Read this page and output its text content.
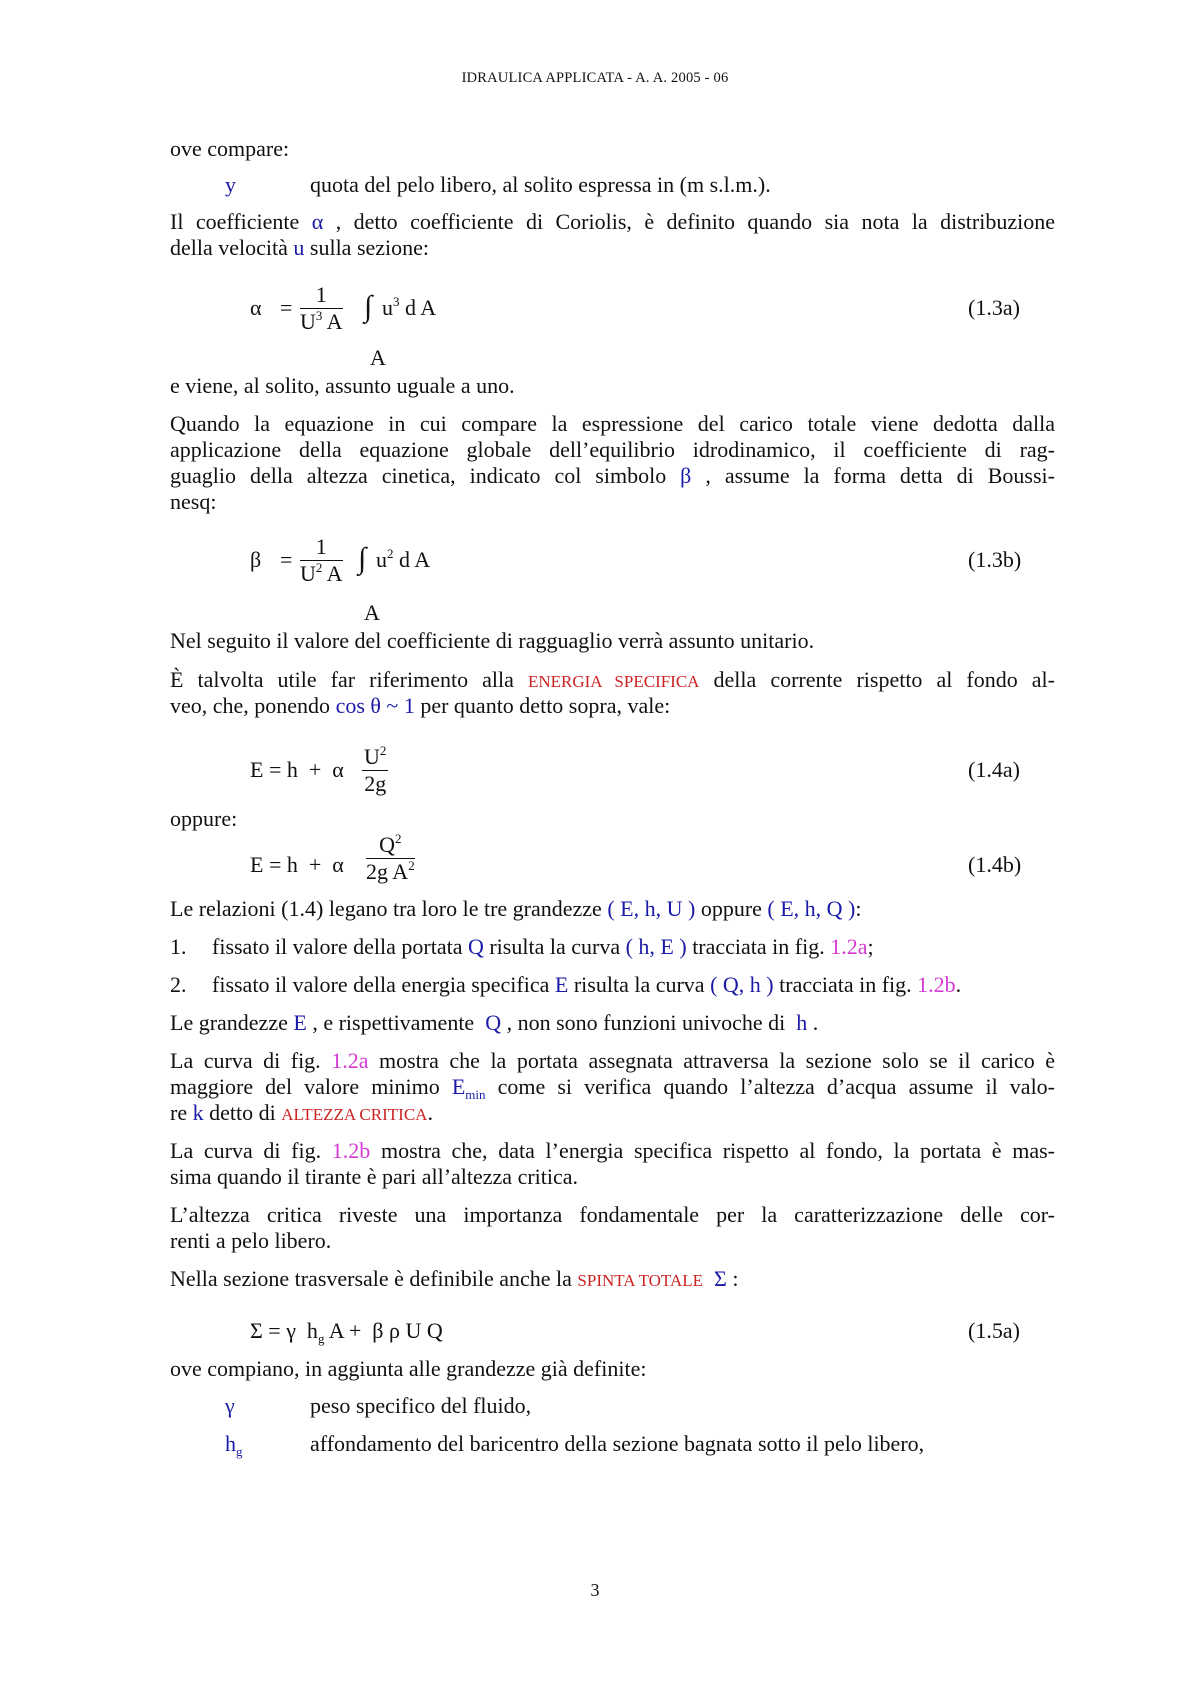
IDRAULICA APPLICATA - A. A. 2005 - 06
ove compare:
y	quota del pelo libero, al solito espressa in (m s.l.m.).
Il coefficiente α , detto coefficiente di Coriolis, è definito quando sia nota la distribuzione
della velocità u sulla sezione:
$\alpha = \frac{1}{U^3 A}$ ∫ $u^3$ d A
A
(1.3a)
e viene, al solito, assunto uguale a uno.
Quando la equazione in cui compare la espressione del carico totale viene dedotta dalla
applicazione della equazione globale dell’equilibrio idrodinamico, il coefficiente di rag-
guaglio della altezza cinetica, indicato col simbolo β , assume la forma detta di Boussi-
nesq:
$\beta = \frac{1}{U^2 A}$ ∫ $u^2$ d A
A
(1.3b)
Nel seguito il valore del coefficiente di ragguaglio verrà assunto unitario.
È talvolta utile far riferimento alla ENERGIA SPECIFICA della corrente rispetto al fondo al-
veo, che, ponendo cos θ ~ 1 per quanto detto sopra, vale:
E = h  +  α $\frac{U^2}{2g}$	(1.4a)
oppure:
E = h  +  α $\frac{Q^2}{2g A^2}$	(1.4b)
Le relazioni (1.4) legano tra loro le tre grandezze ( E, h, U ) oppure ( E, h, Q ):
1. fissato il valore della portata Q risulta la curva ( h, E ) tracciata in fig. 1.2a;
2. fissato il valore della energia specifica E risulta la curva ( Q, h ) tracciata in fig. 1.2b.
Le grandezze E , e rispettivamente  Q , non sono funzioni univoche di  h .
La curva di fig. 1.2a mostra che la portata assegnata attraversa la sezione solo se il carico è
maggiore del valore minimo $E_{min}$ come si verifica quando l’altezza d’acqua assume il valo-
re k detto di ALTEZZA CRITICA.
La curva di fig. 1.2b mostra che, data l’energia specifica rispetto al fondo, la portata è mas-
sima quando il tirante è pari all’altezza critica.
L’altezza critica riveste una importanza fondamentale per la caratterizzazione delle cor-
renti a pelo libero.
Nella sezione trasversale è definibile anche la SPINTA TOTALE Σ :
Σ = γ  $h_g$ A +  β ρ U Q	(1.5a)
ove compiano, in aggiunta alle grandezze già definite:
γ	peso specifico del fluido,
$h_g$	affondamento del baricentro della sezione bagnata sotto il pelo libero,
3
